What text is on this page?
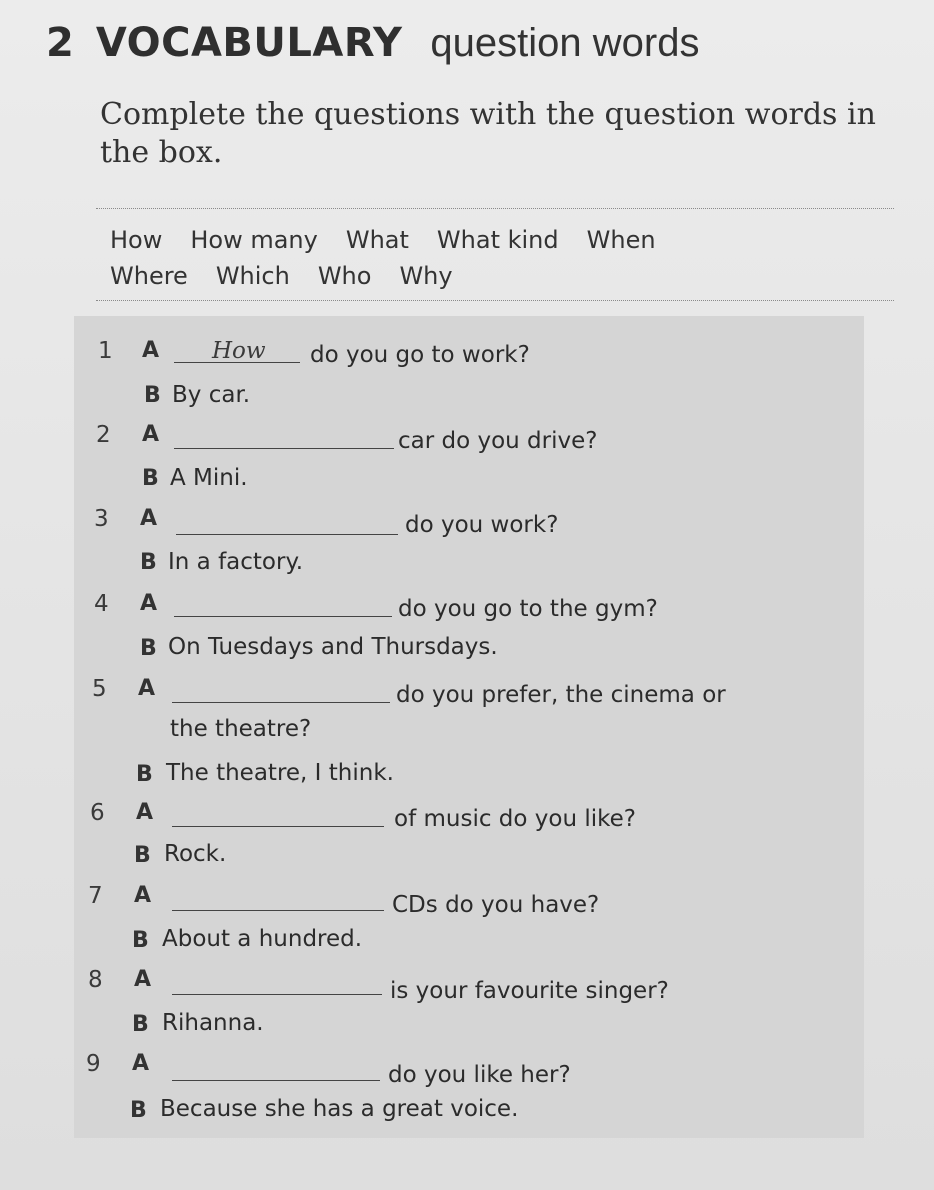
2 VOCABULARY question words
Complete the questions with the question words in the box.
How How many What What kind When
Where Which Who Why
1 A How do you go to work?
B By car.
2 A	car do you drive?
B A Mini.
3 A	do you work?
B In a factory.
4 A	do you go to the gym?
B On Tuesdays and Thursdays.
5 A	do you prefer, the cinema or
the theatre?
B The theatre, I think.
6 A	of music do you like?
B Rock.
7 A	CDs do you have?
B About a hundred.
8 A	is your favourite singer?
B Rihanna.
9 A	do you like her?
B Because she has a great voice.
